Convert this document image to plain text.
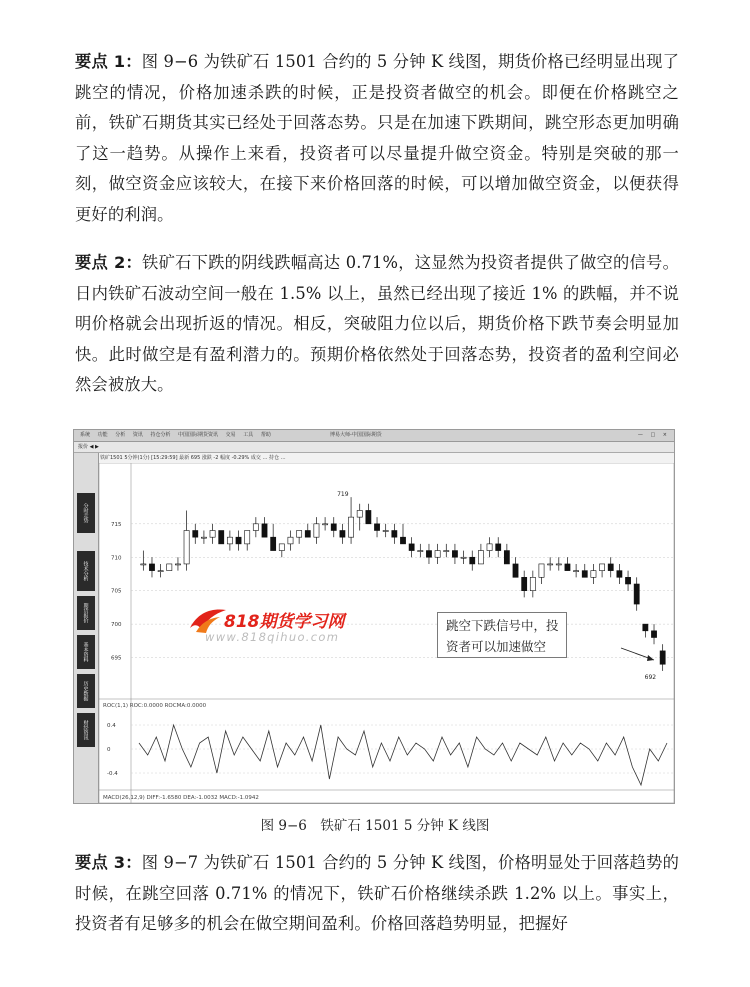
要点 1：图 9−6 为铁矿石 1501 合约的 5 分钟 K 线图，期货价格已经明显出现了跳空的情况，价格加速杀跌的时候，正是投资者做空的机会。即便在价格跳空之前，铁矿石期货其实已经处于回落态势。只是在加速下跌期间，跳空形态更加明确了这一趋势。从操作上来看，投资者可以尽量提升做空资金。特别是突破的那一刻，做空资金应该较大，在接下来价格回落的时候，可以增加做空资金，以便获得更好的利润。

要点 2：铁矿石下跌的阴线跌幅高达 0.71%，这显然为投资者提供了做空的信号。日内铁矿石波动空间一般在 1.5% 以上，虽然已经出现了接近 1% 的跌幅，并不说明价格就会出现折返的情况。相反，突破阻力位以后，期货价格下跌节奏会明显加快。此时做空是有盈利潜力的。预期价格依然处于回落态势，投资者的盈利空间必然会被放大。

系统 功能 分析 资讯 持仓分析 中国国际期货资讯 交易 工具 帮助	博易大师-中国国际期货	— □ ×
报价 ◀ ▶
分时走势
技术分析
期货报价
基本资料
历史数据
财经资讯
铁矿1501 5分钟(1分) [15:29:59] 最新 695 涨跌 -2 幅度 -0.29% 成交 … 持仓 …
715
710
705
700
695
719
692
ROC(1,1) ROC:0.0000 ROCMA:0.0000
0.4
0
-0.4
MACD(26,12,9) DIFF:-1.6580 DEA:-1.0032 MACD:-1.0942
818期货学习网
www.818qihuo.com
跳空下跌信号中，投
资者可以加速做空
图 9−6　铁矿石 1501 5 分钟 K 线图

要点 3：图 9−7 为铁矿石 1501 合约的 5 分钟 K 线图，价格明显处于回落趋势的时候，在跳空回落 0.71% 的情况下，铁矿石价格继续杀跌 1.2% 以上。事实上，投资者有足够多的机会在做空期间盈利。价格回落趋势明显，把握好
